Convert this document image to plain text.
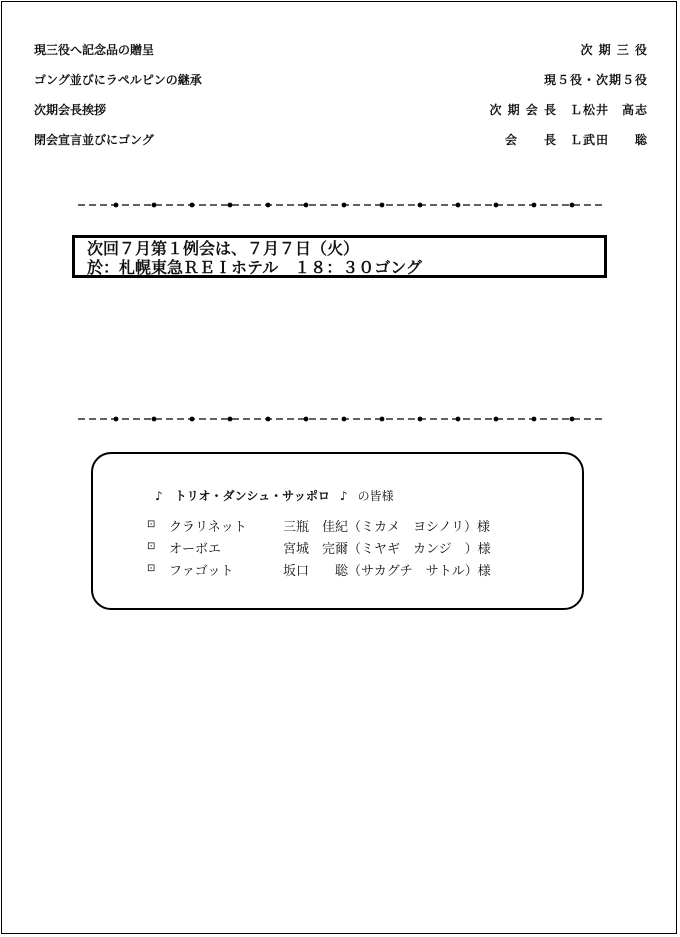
現三役へ記念品の贈呈	次 期 三 役
ゴング並びにラペルピンの継承	現５役・次期５役
次期会長挨拶	次 期 会 長　Ｌ松井　高志
閉会宣言並びにゴング	会　　長　Ｌ武田　　聡
次回７月第１例会は、７月７日（火）
於：札幌東急ＲＥＩホテル　１８：３０ゴング
♪ トリオ・ダンシュ・サッポロ ♪ の皆様
⊡ クラリネット	三瓶　佳紀（ミカメ　ヨシノリ）様
⊡ オーボエ	宮城　完爾（ミヤギ　カンジ　）様
⊡ ファゴット	坂口　　聡（サカグチ　サトル）様
